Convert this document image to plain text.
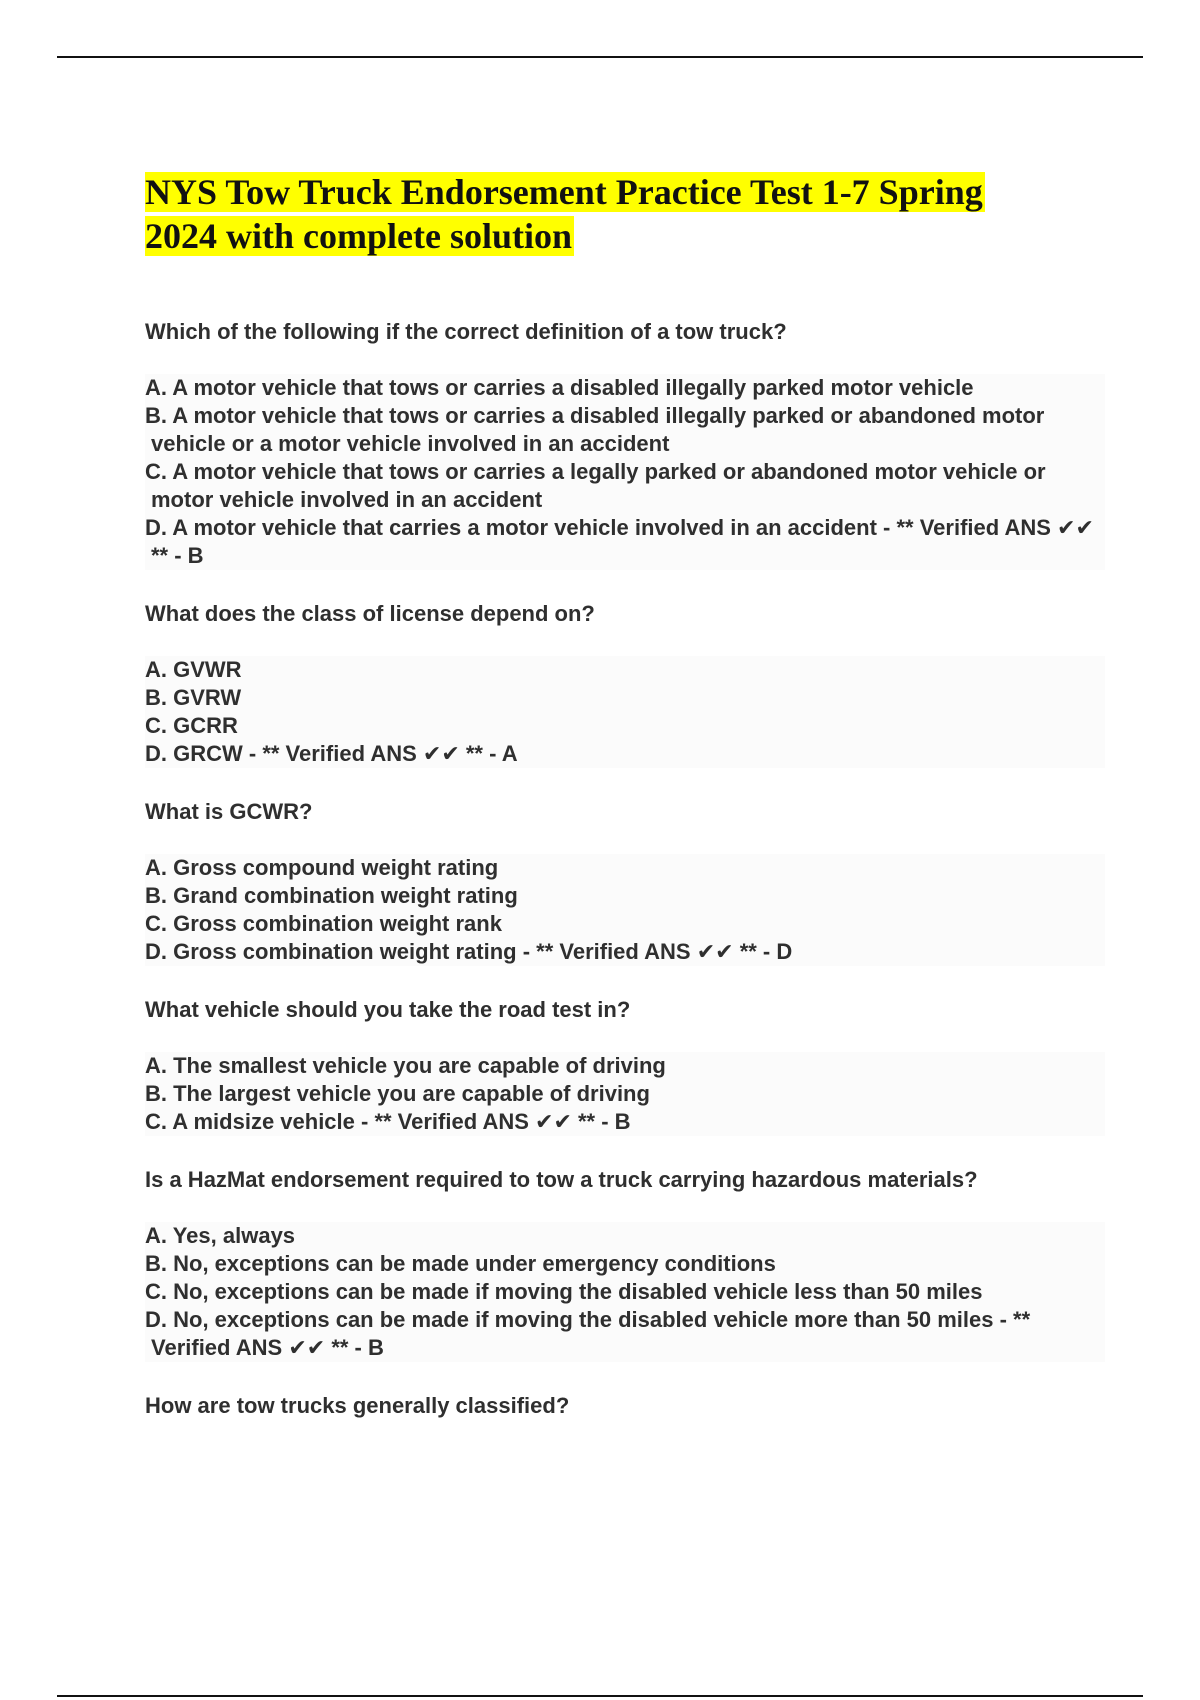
NYS Tow Truck Endorsement Practice Test 1-7 Spring
2024 with complete solution
Which of the following if the correct definition of a tow truck?
A. A motor vehicle that tows or carries a disabled illegally parked motor vehicle
B. A motor vehicle that tows or carries a disabled illegally parked or abandoned motor vehicle or a motor vehicle involved in an accident
C. A motor vehicle that tows or carries a legally parked or abandoned motor vehicle or motor vehicle involved in an accident
D. A motor vehicle that carries a motor vehicle involved in an accident - ** Verified ANS ✔✔ ** - B
What does the class of license depend on?
A. GVWR
B. GVRW
C. GCRR
D. GRCW - ** Verified ANS ✔✔ ** - A
What is GCWR?
A. Gross compound weight rating
B. Grand combination weight rating
C. Gross combination weight rank
D. Gross combination weight rating - ** Verified ANS ✔✔ ** - D
What vehicle should you take the road test in?
A. The smallest vehicle you are capable of driving
B. The largest vehicle you are capable of driving
C. A midsize vehicle - ** Verified ANS ✔✔ ** - B
Is a HazMat endorsement required to tow a truck carrying hazardous materials?
A. Yes, always
B. No, exceptions can be made under emergency conditions
C. No, exceptions can be made if moving the disabled vehicle less than 50 miles
D. No, exceptions can be made if moving the disabled vehicle more than 50 miles - ** Verified ANS ✔✔ ** - B
How are tow trucks generally classified?
